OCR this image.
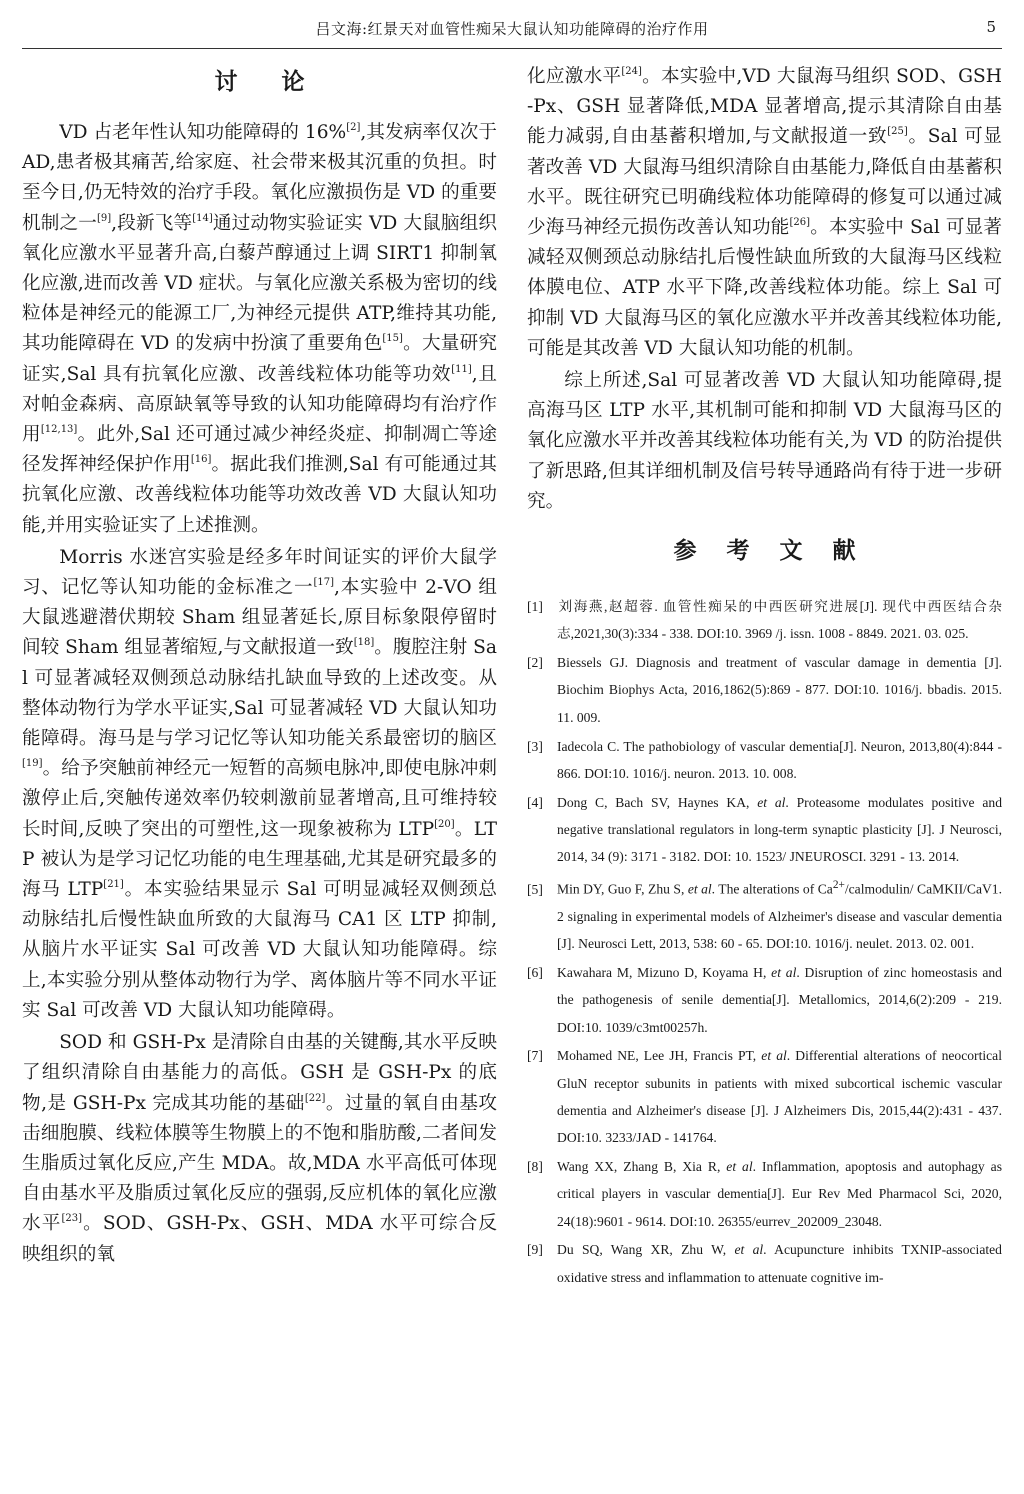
吕文海:红景天对血管性痴呆大鼠认知功能障碍的治疗作用	5
讨论

VD 占老年性认知功能障碍的 16%[2],其发病率仅次于 AD,患者极其痛苦,给家庭、社会带来极其沉重的负担。时至今日,仍无特效的治疗手段。氧化应激损伤是 VD 的重要机制之一[9],段新飞等[14]通过动物实验证实 VD 大鼠脑组织氧化应激水平显著升高,白藜芦醇通过上调 SIRT1 抑制氧化应激,进而改善 VD 症状。与氧化应激关系极为密切的线粒体是神经元的能源工厂,为神经元提供 ATP,维持其功能,其功能障碍在 VD 的发病中扮演了重要角色[15]。大量研究证实,Sal 具有抗氧化应激、改善线粒体功能等功效[11],且对帕金森病、高原缺氧等导致的认知功能障碍均有治疗作用[12,13]。此外,Sal 还可通过减少神经炎症、抑制凋亡等途径发挥神经保护作用[16]。据此我们推测,Sal 有可能通过其抗氧化应激、改善线粒体功能等功效改善 VD 大鼠认知功能,并用实验证实了上述推测。

Morris 水迷宫实验是经多年时间证实的评价大鼠学习、记忆等认知功能的金标准之一[17],本实验中 2-VO 组大鼠逃避潜伏期较 Sham 组显著延长,原目标象限停留时间较 Sham 组显著缩短,与文献报道一致[18]。腹腔注射 Sal 可显著减轻双侧颈总动脉结扎缺血导致的上述改变。从整体动物行为学水平证实,Sal 可显著减轻 VD 大鼠认知功能障碍。海马是与学习记忆等认知功能关系最密切的脑区[19]。给予突触前神经元一短暂的高频电脉冲,即使电脉冲刺激停止后,突触传递效率仍较刺激前显著增高,且可维持较长时间,反映了突出的可塑性,这一现象被称为 LTP[20]。LTP 被认为是学习记忆功能的电生理基础,尤其是研究最多的海马 LTP[21]。本实验结果显示 Sal 可明显减轻双侧颈总动脉结扎后慢性缺血所致的大鼠海马 CA1 区 LTP 抑制,从脑片水平证实 Sal 可改善 VD 大鼠认知功能障碍。综上,本实验分别从整体动物行为学、离体脑片等不同水平证实 Sal 可改善 VD 大鼠认知功能障碍。

SOD 和 GSH-Px 是清除自由基的关键酶,其水平反映了组织清除自由基能力的高低。GSH 是 GSH-Px 的底物,是 GSH-Px 完成其功能的基础[22]。过量的氧自由基攻击细胞膜、线粒体膜等生物膜上的不饱和脂肪酸,二者间发生脂质过氧化反应,产生 MDA。故,MDA 水平高低可体现自由基水平及脂质过氧化反应的强弱,反应机体的氧化应激水平[23]。SOD、GSH-Px、GSH、MDA 水平可综合反映组织的氧

化应激水平[24]。本实验中,VD 大鼠海马组织 SOD、GSH-Px、GSH 显著降低,MDA 显著增高,提示其清除自由基能力减弱,自由基蓄积增加,与文献报道一致[25]。Sal 可显著改善 VD 大鼠海马组织清除自由基能力,降低自由基蓄积水平。既往研究已明确线粒体功能障碍的修复可以通过减少海马神经元损伤改善认知功能[26]。本实验中 Sal 可显著减轻双侧颈总动脉结扎后慢性缺血所致的大鼠海马区线粒体膜电位、ATP 水平下降,改善线粒体功能。综上 Sal 可抑制 VD 大鼠海马区的氧化应激水平并改善其线粒体功能,可能是其改善 VD 大鼠认知功能的机制。

综上所述,Sal 可显著改善 VD 大鼠认知功能障碍,提高海马区 LTP 水平,其机制可能和抑制 VD 大鼠海马区的氧化应激水平并改善其线粒体功能有关,为 VD 的防治提供了新思路,但其详细机制及信号转导通路尚有待于进一步研究。

参考文献

[1] 刘海燕,赵超蓉. 血管性痴呆的中西医研究进展[J]. 现代中西医结合杂志,2021,30(3):334 - 338. DOI:10. 3969 /j. issn. 1008 - 8849. 2021. 03. 025.

[2] Biessels GJ. Diagnosis and treatment of vascular damage in dementia [J]. Biochim Biophys Acta, 2016,1862(5):869 - 877. DOI:10. 1016/j. bbadis. 2015. 11. 009.

[3] Iadecola C. The pathobiology of vascular dementia[J]. Neuron, 2013,80(4):844 - 866. DOI:10. 1016/j. neuron. 2013. 10. 008.

[4] Dong C, Bach SV, Haynes KA, et al. Proteasome modulates positive and negative translational regulators in long-term synaptic plasticity [J]. J Neurosci, 2014, 34 (9): 3171 - 3182. DOI: 10. 1523/ JNEUROSCI. 3291 - 13. 2014.

[5] Min DY, Guo F, Zhu S, et al. The alterations of $Ca^{2+}/calmodulin/$ CaMKII/CaV1. 2 signaling in experimental models of Alzheimer's disease and vascular dementia [J]. Neurosci Lett, 2013, 538: 60 - 65. DOI:10. 1016/j. neulet. 2013. 02. 001.

[6] Kawahara M, Mizuno D, Koyama H, et al. Disruption of zinc homeostasis and the pathogenesis of senile dementia[J]. Metallomics, 2014,6(2):209 - 219. DOI:10. 1039/c3mt00257h.

[7] Mohamed NE, Lee JH, Francis PT, et al. Differential alterations of neocortical GluN receptor subunits in patients with mixed subcortical ischemic vascular dementia and Alzheimer's disease [J]. J Alzheimers Dis, 2015,44(2):431 - 437. DOI:10. 3233/JAD - 141764.

[8] Wang XX, Zhang B, Xia R, et al. Inflammation, apoptosis and autophagy as critical players in vascular dementia[J]. Eur Rev Med Pharmacol Sci, 2020, 24(18):9601 - 9614. DOI:10. 26355/eurrev_202009_23048.

[9] Du SQ, Wang XR, Zhu W, et al. Acupuncture inhibits TXNIP-associated oxidative stress and inflammation to attenuate cognitive im-
